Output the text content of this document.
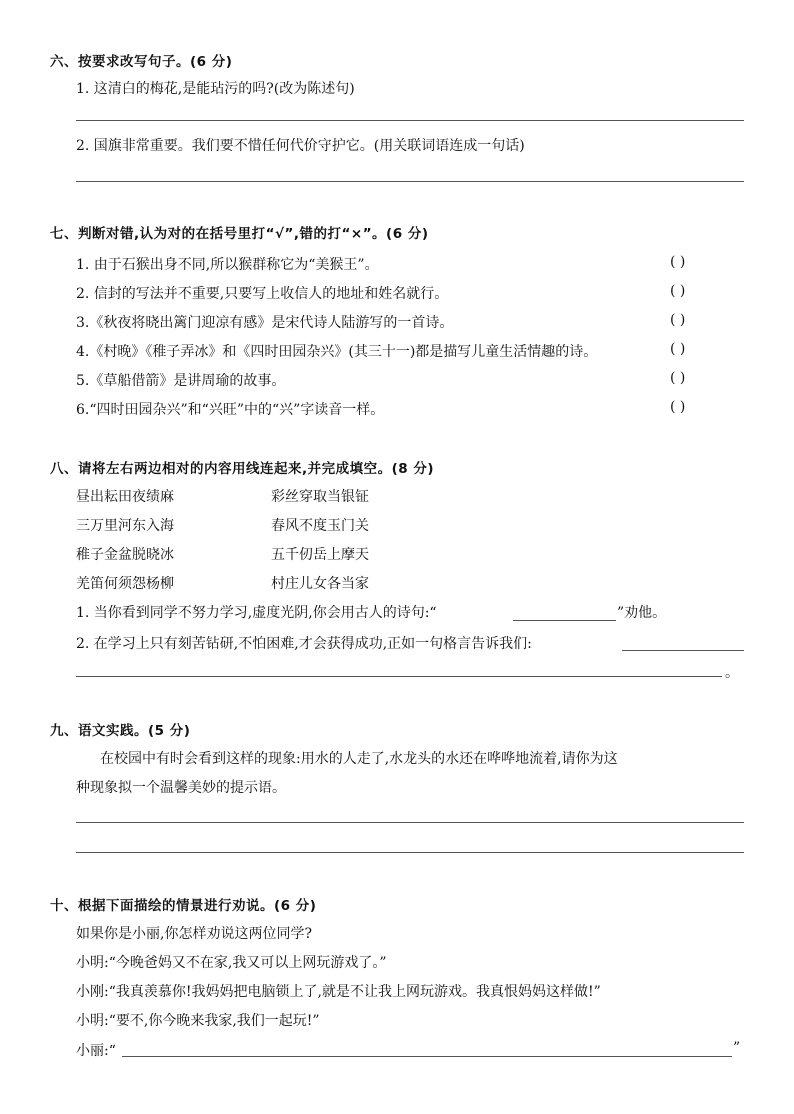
六、按要求改写句子。(6 分)
1. 这清白的梅花,是能玷污的吗?(改为陈述句)
2. 国旗非常重要。我们要不惜任何代价守护它。(用关联词语连成一句话)
七、判断对错,认为对的在括号里打“√”,错的打“×”。(6 分)
1. 由于石猴出身不同,所以猴群称它为“美猴王”。	( )
2. 信封的写法并不重要,只要写上收信人的地址和姓名就行。	( )
3.《秋夜将晓出篱门迎凉有感》是宋代诗人陆游写的一首诗。	( )
4.《村晚》《稚子弄冰》和《四时田园杂兴》(其三十一)都是描写儿童生活情趣的诗。	( )
5.《草船借箭》是讲周瑜的故事。	( )
6.“四时田园杂兴”和“兴旺”中的“兴”字读音一样。	( )
八、请将左右两边相对的内容用线连起来,并完成填空。(8 分)
昼出耘田夜绩麻	彩丝穿取当银钲
三万里河东入海	春风不度玉门关
稚子金盆脱晓冰	五千仞岳上摩天
羌笛何须怨杨柳	村庄儿女各当家
1. 当你看到同学不努力学习,虚度光阴,你会用古人的诗句:“	”劝他。
2. 在学习上只有刻苦钻研,不怕困难,才会获得成功,正如一句格言告诉我们:
。
九、语文实践。(5 分)
在校园中有时会看到这样的现象:用水的人走了,水龙头的水还在哗哗地流着,请你为这
种现象拟一个温馨美妙的提示语。
十、根据下面描绘的情景进行劝说。(6 分)
如果你是小丽,你怎样劝说这两位同学?
小明:“今晚爸妈又不在家,我又可以上网玩游戏了。”
小刚:“我真羡慕你!我妈妈把电脑锁上了,就是不让我上网玩游戏。我真恨妈妈这样做!”
小明:“要不,你今晚来我家,我们一起玩!”
小丽:“	”
